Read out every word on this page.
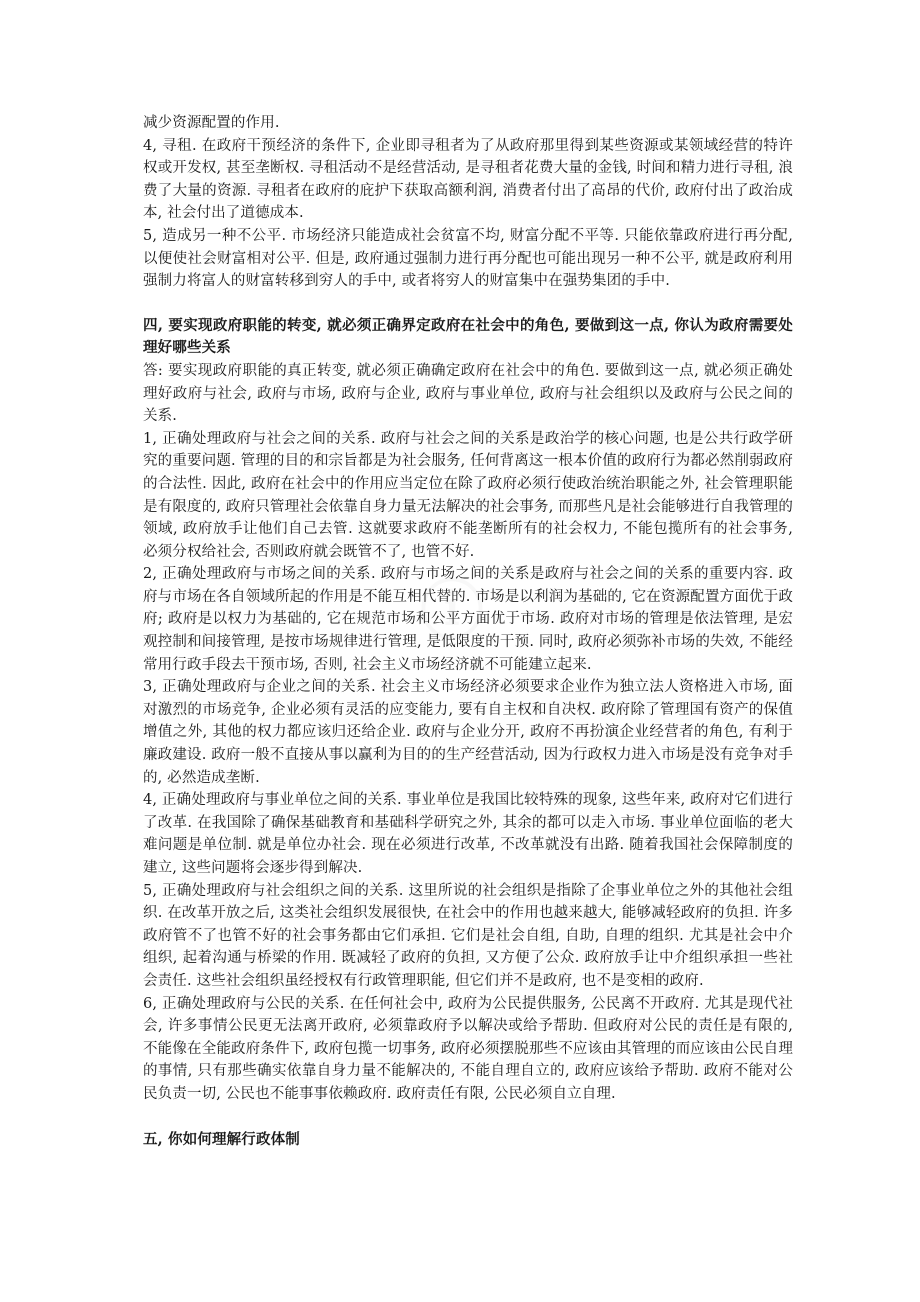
ⓘ

减少资源配置的作用.

4, 寻租. 在政府干预经济的条件下, 企业即寻租者为了从政府那里得到某些资源或某领域经营的特许权或开发权, 甚至垄断权. 寻租活动不是经营活动, 是寻租者花费大量的金钱, 时间和精力进行寻租, 浪费了大量的资源. 寻租者在政府的庇护下获取高额利润, 消费者付出了高昂的代价, 政府付出了政治成本, 社会付出了道德成本.

5, 造成另一种不公平. 市场经济只能造成社会贫富不均, 财富分配不平等. 只能依靠政府进行再分配, 以便使社会财富相对公平. 但是, 政府通过强制力进行再分配也可能出现另一种不公平, 就是政府利用强制力将富人的财富转移到穷人的手中, 或者将穷人的财富集中在强势集团的手中.

四, 要实现政府职能的转变, 就必须正确界定政府在社会中的角色, 要做到这一点, 你认为政府需要处理好哪些关系

答: 要实现政府职能的真正转变, 就必须正确确定政府在社会中的角色. 要做到这一点, 就必须正确处理好政府与社会, 政府与市场, 政府与企业, 政府与事业单位, 政府与社会组织以及政府与公民之间的关系.

1, 正确处理政府与社会之间的关系. 政府与社会之间的关系是政治学的核心问题, 也是公共行政学研究的重要问题. 管理的目的和宗旨都是为社会服务, 任何背离这一根本价值的政府行为都必然削弱政府的合法性. 因此, 政府在社会中的作用应当定位在除了政府必须行使政治统治职能之外, 社会管理职能是有限度的, 政府只管理社会依靠自身力量无法解决的社会事务, 而那些凡是社会能够进行自我管理的领域, 政府放手让他们自己去管. 这就要求政府不能垄断所有的社会权力, 不能包揽所有的社会事务, 必须分权给社会, 否则政府就会既管不了, 也管不好.

2, 正确处理政府与市场之间的关系. 政府与市场之间的关系是政府与社会之间的关系的重要内容. 政府与市场在各自领域所起的作用是不能互相代替的. 市场是以利润为基础的, 它在资源配置方面优于政府; 政府是以权力为基础的, 它在规范市场和公平方面优于市场. 政府对市场的管理是依法管理, 是宏观控制和间接管理, 是按市场规律进行管理, 是低限度的干预. 同时, 政府必须弥补市场的失效, 不能经常用行政手段去干预市场, 否则, 社会主义市场经济就不可能建立起来.

3, 正确处理政府与企业之间的关系. 社会主义市场经济必须要求企业作为独立法人资格进入市场, 面对激烈的市场竞争, 企业必须有灵活的应变能力, 要有自主权和自决权. 政府除了管理国有资产的保值增值之外, 其他的权力都应该归还给企业. 政府与企业分开, 政府不再扮演企业经营者的角色, 有利于廉政建设. 政府一般不直接从事以赢利为目的的生产经营活动, 因为行政权力进入市场是没有竞争对手的, 必然造成垄断.

4, 正确处理政府与事业单位之间的关系. 事业单位是我国比较特殊的现象, 这些年来, 政府对它们进行了改革. 在我国除了确保基础教育和基础科学研究之外, 其余的都可以走入市场. 事业单位面临的老大难问题是单位制. 就是单位办社会. 现在必须进行改革, 不改革就没有出路. 随着我国社会保障制度的建立, 这些问题将会逐步得到解决.

5, 正确处理政府与社会组织之间的关系. 这里所说的社会组织是指除了企事业单位之外的其他社会组织. 在改革开放之后, 这类社会组织发展很快, 在社会中的作用也越来越大, 能够减轻政府的负担. 许多政府管不了也管不好的社会事务都由它们承担. 它们是社会自组, 自助, 自理的组织. 尤其是社会中介组织, 起着沟通与桥梁的作用. 既减轻了政府的负担, 又方便了公众. 政府放手让中介组织承担一些社会责任. 这些社会组织虽经授权有行政管理职能, 但它们并不是政府, 也不是变相的政府.

6, 正确处理政府与公民的关系. 在任何社会中, 政府为公民提供服务, 公民离不开政府. 尤其是现代社会, 许多事情公民更无法离开政府, 必须靠政府予以解决或给予帮助. 但政府对公民的责任是有限的, 不能像在全能政府条件下, 政府包揽一切事务, 政府必须摆脱那些不应该由其管理的而应该由公民自理的事情, 只有那些确实依靠自身力量不能解决的, 不能自理自立的, 政府应该给予帮助. 政府不能对公民负责一切, 公民也不能事事依赖政府. 政府责任有限, 公民必须自立自理.

五, 你如何理解行政体制
